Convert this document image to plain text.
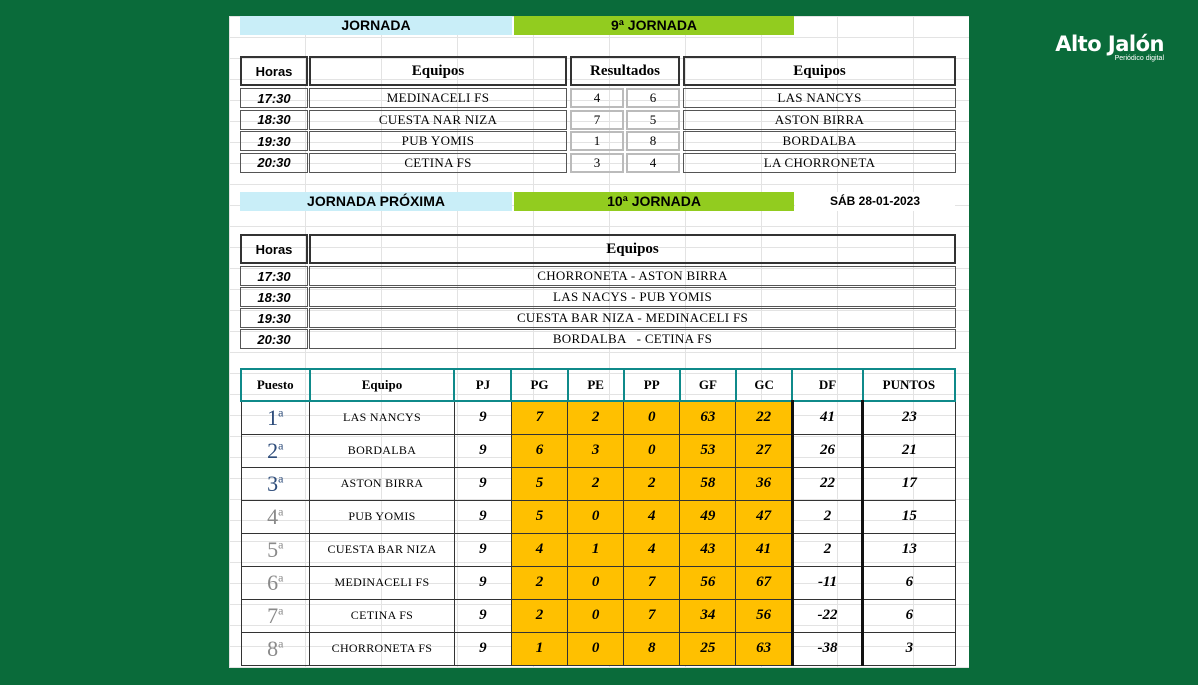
Alto Jalón
Periódico digital
JORNADA	9ª JORNADA
Horas	Equipos	Resultados	Equipos
17:30	MEDINACELI FS	4	6	LAS NANCYS
18:30	CUESTA NAR NIZA	7	5	ASTON BIRRA
19:30	PUB YOMIS	1	8	BORDALBA
20:30	CETINA FS	3	4	LA CHORRONETA
JORNADA PRÓXIMA	10ª JORNADA	SÁB 28-01-2023
Horas	Equipos
17:30	CHORRONETA - ASTON BIRRA
18:30	LAS NACYS - PUB YOMIS
19:30	CUESTA BAR NIZA - MEDINACELI FS
20:30	BORDALBA   - CETINA FS
Puesto	Equipo	PJ	PG	PE	PP	GF	GC	DF	PUNTOS
1$^a$	LAS NANCYS	9	7	2	0	63	22	41	23
2$^a$	BORDALBA	9	6	3	0	53	27	26	21
3$^a$	ASTON BIRRA	9	5	2	2	58	36	22	17
4$^a$	PUB YOMIS	9	5	0	4	49	47	2	15
5$^a$	CUESTA BAR NIZA	9	4	1	4	43	41	2	13
6$^a$	MEDINACELI FS	9	2	0	7	56	67	-11	6
7$^a$	CETINA FS	9	2	0	7	34	56	-22	6
8$^a$	CHORRONETA FS	9	1	0	8	25	63	-38	3
